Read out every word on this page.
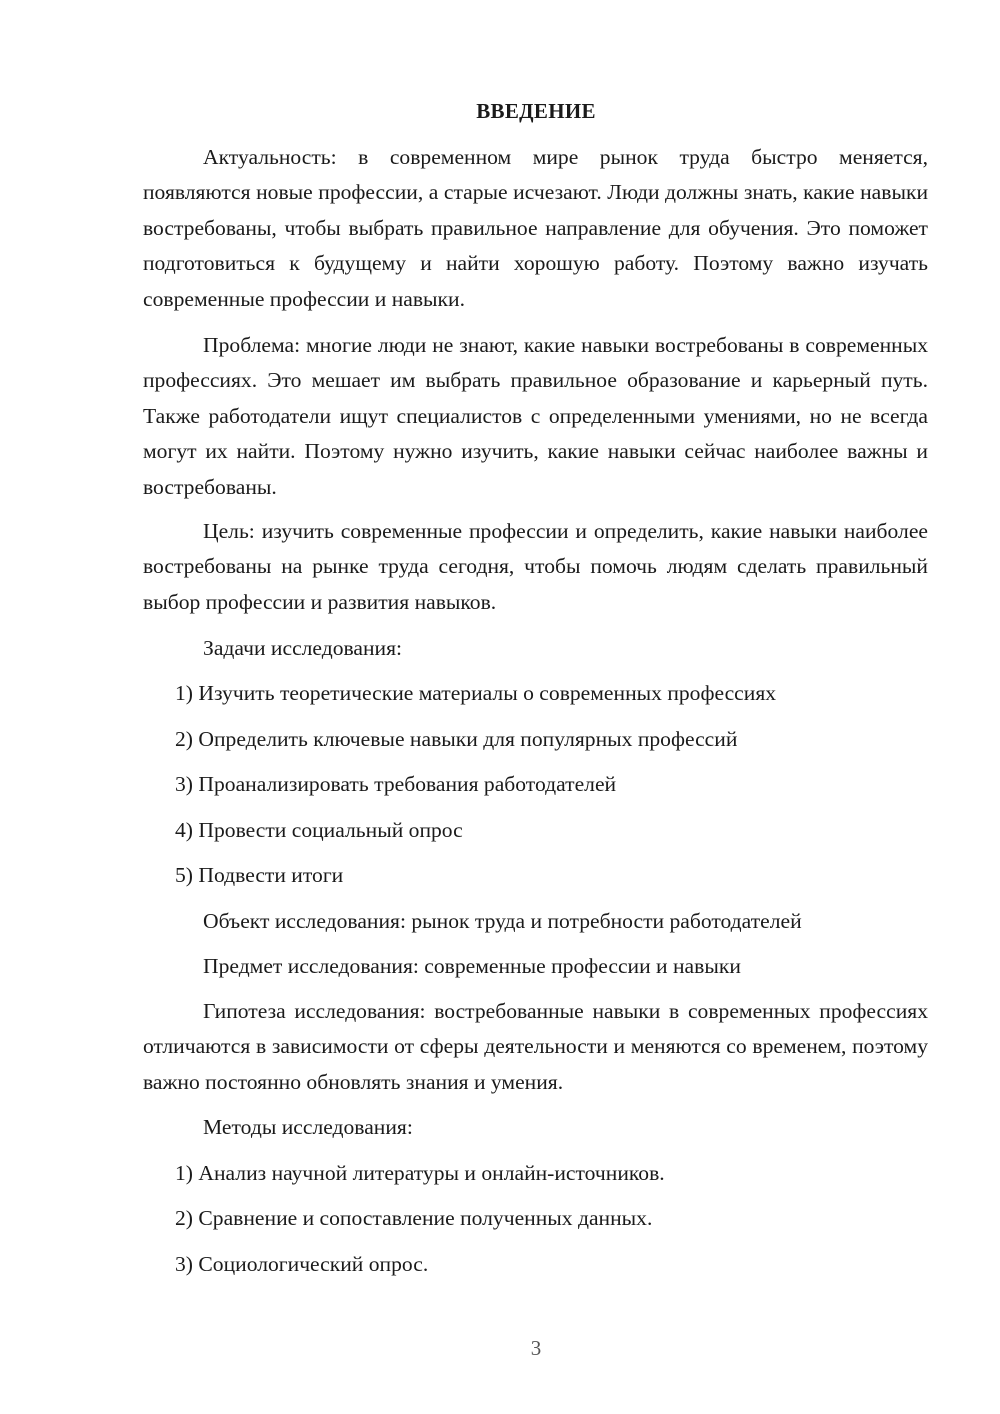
ВВЕДЕНИЕ

Актуальность: в современном мире рынок труда быстро меняется, появляются новые профессии, а старые исчезают. Люди должны знать, какие навыки востребованы, чтобы выбрать правильное направление для обучения. Это поможет подготовиться к будущему и найти хорошую работу. Поэтому важно изучать современные профессии и навыки.

Проблема: многие люди не знают, какие навыки востребованы в современных профессиях. Это мешает им выбрать правильное образование и карьерный путь. Также работодатели ищут специалистов с определенными умениями, но не всегда могут их найти. Поэтому нужно изучить, какие навыки сейчас наиболее важны и востребованы.

Цель: изучить современные профессии и определить, какие навыки наиболее востребованы на рынке труда сегодня, чтобы помочь людям сделать правильный выбор профессии и развития навыков.

Задачи исследования:
1) Изучить теоретические материалы о современных профессиях
2) Определить ключевые навыки для популярных профессий
3) Проанализировать требования работодателей
4) Провести социальный опрос
5) Подвести итоги
Объект исследования: рынок труда и потребности работодателей
Предмет исследования: современные профессии и навыки

Гипотеза исследования: востребованные навыки в современных профессиях отличаются в зависимости от сферы деятельности и меняются со временем, поэтому важно постоянно обновлять знания и умения.

Методы исследования:
1) Анализ научной литературы и онлайн-источников.
2) Сравнение и сопоставление полученных данных.
3) Социологический опрос.
3
